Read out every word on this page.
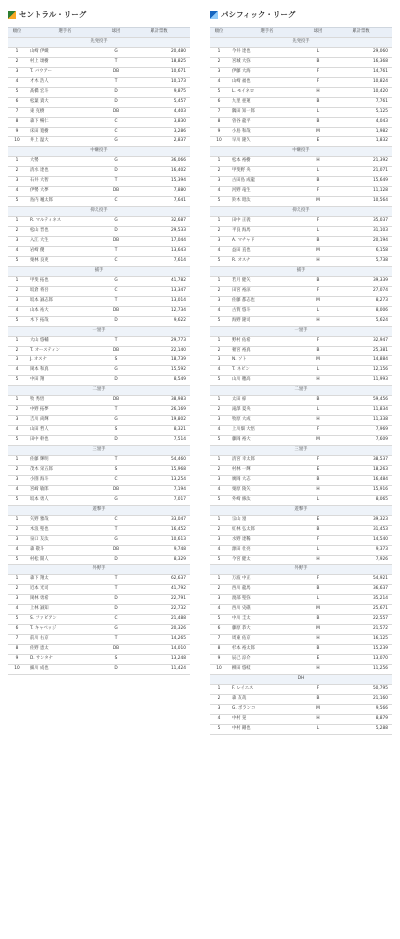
セントラル・リーグ
順位	選手名	球団	累計票数
先発投手			
1	山崎 伊織	G	20,480
2	村上 頌樹	T	18,825
3	T. バウアー	DB	10,671
4	才木 浩人	T	10,173
5	髙橋 宏斗	D	9,875
6	松葉 貴大	D	5,457
7	東 克樹	DB	4,403
8	森下 暢仁	C	3,830
9	床田 寛樹	C	3,286
10	井上 温大	G	2,837
中継投手			
1	大勢	G	36,066
2	清水 達也	D	16,402
3	石井 大智	T	15,394
4	伊勢 大夢	DB	7,880
5	島内 颯太郎	C	7,641
抑え投手			
1	R. マルティネス	G	32,687
2	松山 晋也	D	29,533
3	入江 大生	DB	17,044
4	岩崎 優	T	13,643
5	栗林 良吏	C	7,614
捕手			
1	甲斐 拓也	G	41,782
2	坂倉 将吾	C	13,347
3	坂本 誠志郎	T	13,014
4	山本 祐大	DB	12,734
5	木下 拓哉	D	9,622
一塁手			
1	大山 悠輔	T	29,773
2	T. オースティン	DB	22,140
3	J. オスナ	S	18,739
4	岡本 和真	G	15,592
5	中田 翔	D	8,549
二塁手			
1	牧 秀悟	DB	38,983
2	中野 拓夢	T	26,169
3	吉川 尚輝	G	19,802
4	山田 哲人	S	8,321
5	田中 幹也	D	7,514
三塁手			
1	佐藤 輝明	T	54,460
2	茂木 栄五郎	S	15,968
3	小園 海斗	C	13,254
4	宮﨑 敏郎	DB	7,194
5	坂本 勇人	G	7,017
遊撃手			
1	矢野 雅哉	C	33,047
2	木浪 聖也	T	16,452
3	泉口 友汰	G	10,613
4	森 敬斗	DB	9,748
5	村松 開人	D	8,329
外野手			
1	森下 翔太	T	62,637
2	近本 光司	T	41,792
3	岡林 勇希	D	22,791
4	上林 誠知	D	22,732
5	S. ファビアン	C	21,488
6	T. キャベッジ	G	20,326
7	前川 右京	T	14,265
8	佐野 恵太	DB	14,010
9	D. サンタナ	S	13,248
10	細川 成也	D	11,424
パシフィック・リーグ
順位	選手名	球団	累計票数
先発投手			
1	今井 達也	L	29,060
2	宮城 大弥	B	16,368
3	伊藤 大海	F	14,761
4	山崎 福也	F	10,824
5	L. モイネロ	H	10,420
6	九里 亜蓮	B	7,761
7	隅田 知一郎	L	5,125
8	曽谷 龍平	B	4,043
9	小島 和哉	M	1,982
10	早川 隆久	E	1,832
中継投手			
1	松本 裕樹	H	21,392
2	甲斐野 央	L	21,071
3	古田島 成龍	B	15,649
4	河野 竜生	F	11,128
5	鈴木 昭汰	M	10,564
抑え投手			
1	田中 正義	F	35,037
2	平良 海馬	L	31,103
3	A. マチャド	B	20,194
4	益田 直也	M	6,158
5	R. オスナ	H	5,738
捕手			
1	若月 健矢	B	39,339
2	田宮 裕涼	F	27,074
3	佐藤 都志也	M	8,273
4	古賀 悠斗	L	8,006
5	海野 隆司	H	5,624
一塁手			
1	野村 佑希	F	32,947
2	頓宮 裕真	B	25,381
3	N. ソト	M	14,884
4	T. ネビン	L	12,156
5	山川 穂高	H	11,993
二塁手			
1	太田 椋	B	59,456
2	滝澤 夏央	L	11,834
3	牧原 大成	H	11,338
4	上川畑 大悟	F	7,969
5	藤岡 裕大	M	7,609
三塁手			
1	清宮 幸太郎	F	38,537
2	村林 一輝	E	18,263
3	廣岡 大志	B	16,484
4	栗原 陵矢	H	15,916
5	外崎 修汰	L	8,065
遊撃手			
1	宗山 塁	E	39,323
2	紅林 弘太郎	B	31,453
3	水野 達稀	F	14,540
4	源田 壮亮	L	9,373
5	今宮 健太	H	7,926
外野手			
1	万波 中正	F	54,921
2	西川 龍馬	B	36,637
3	渡部 聖弥	L	35,214
4	西川 史礁	M	25,671
5	中川 圭太	B	22,557
6	藤原 恭大	M	21,572
7	周東 佑京	H	16,125
8	杉本 裕太郎	B	15,239
9	辰己 涼介	E	13,070
10	柳田 悠岐	H	11,256
DH			
1	F. レイエス	F	50,795
2	森 友哉	B	21,160
3	G. ポランコ	M	9,566
4	中村 晃	H	8,879
5	中村 剛也	L	5,288
